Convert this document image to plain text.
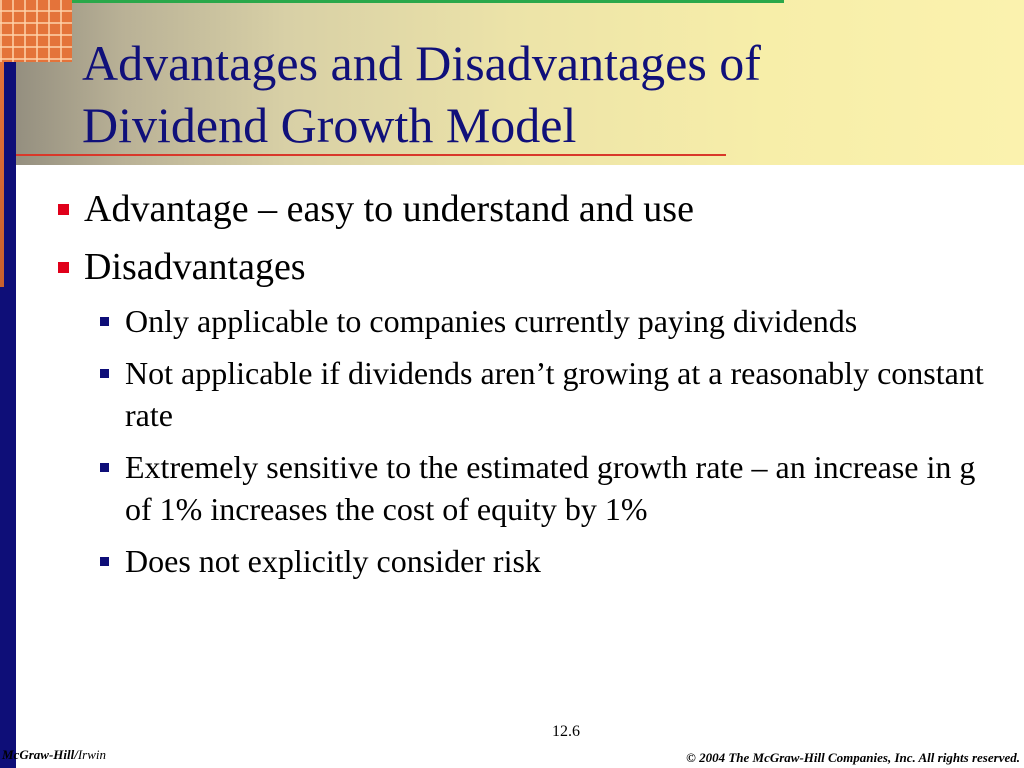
Advantages and Disadvantages of
Dividend Growth Model
Advantage – easy to understand and use
Disadvantages
Only applicable to companies currently paying dividends
Not applicable if dividends aren’t growing at a reasonably constant rate
Extremely sensitive to the estimated growth rate – an increase in g of 1% increases the cost of equity by 1%
Does not explicitly consider risk
12.6
McGraw-Hill/Irwin	© 2004 The McGraw-Hill Companies, Inc. All rights reserved.
